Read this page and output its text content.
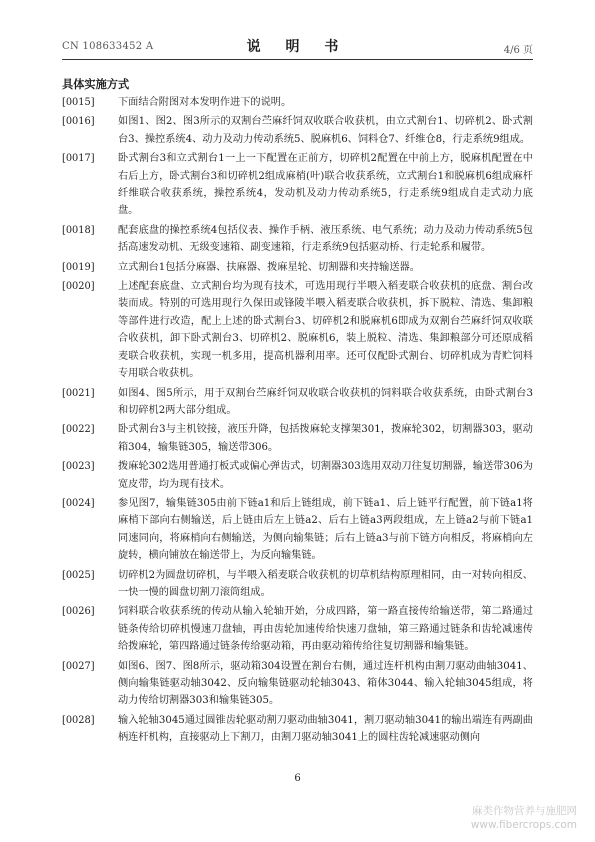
CN 108633452 A	说 明 书	4/6 页
具体实施方式
[0015] 下面结合附图对本发明作进下的说明。
[0016] 如图1、图2、图3所示的双割台苎麻纤饲双收联合收获机，由立式割台1、切碎机2、卧式割台3、操控系统4、动力及动力传动系统5、脱麻机6、饲料仓7、纤维仓8，行走系统9组成。
[0017] 卧式割台3和立式割台1一上一下配置在正前方，切碎机2配置在中前上方，脱麻机配置在中右后上方，卧式割台3和切碎机2组成麻梢(叶)联合收获系统，立式割台1和脱麻机6组成麻杆纤维联合收获系统，操控系统4，发动机及动力传动系统5，行走系统9组成自走式动力底盘。
[0018] 配套底盘的操控系统4包括仪表、操作手柄、液压系统、电气系统；动力及动力传动系统5包括高速发动机、无级变速箱、副变速箱，行走系统9包括驱动桥、行走轮系和履带。
[0019] 立式割台1包括分麻器、扶麻器、拨麻星轮、切割器和夹持输送器。
[0020] 上述配套底盘、立式割台均为现有技术，可选用现行半喂入稻麦联合收获机的底盘、割台改装而成。特别的可选用现行久保田或锋陵半喂入稻麦联合收获机，拆下脱粒、清选、集卸粮等部件进行改造，配上上述的卧式割台3、切碎机2和脱麻机6即成为双割台苎麻纤饲双收联合收获机，卸下卧式割台3、切碎机2、脱麻机6，装上脱粒、清选、集卸粮部分可还原成稻麦联合收获机，实现一机多用，提高机器利用率。还可仅配卧式割台、切碎机成为青贮饲料专用联合收获机。
[0021] 如图4、图5所示，用于双割台苎麻纤饲双收联合收获机的饲料联合收获系统，由卧式割台3和切碎机2两大部分组成。
[0022] 卧式割台3与主机铰接，液压升降，包括拨麻轮支撑架301，拨麻轮302，切割器303，驱动箱304，输集链305，输送带306。
[0023] 拨麻轮302选用普通打板式或偏心弹齿式，切割器303选用双动刀往复切割器，输送带306为宽皮带，均为现有技术。
[0024] 参见图7，输集链305由前下链a1和后上链组成，前下链a1、后上链平行配置，前下链a1将麻梢下部向右侧输送，后上链由后左上链a2、后右上链a3两段组成，左上链a2与前下链a1同速同向，将麻梢向右侧输送，为侧向输集链；后右上链a3与前下链方向相反，将麻梢向左旋转，横向铺放在输送带上，为反向输集链。
[0025] 切碎机2为圆盘切碎机，与半喂入稻麦联合收获机的切草机结构原理相同，由一对转向相反、一快一慢的圆盘切割刀滚筒组成。
[0026] 饲料联合收获系统的传动从输入轮轴开始，分成四路，第一路直接传给输送带，第二路通过链条传给切碎机慢速刀盘轴，再由齿轮加速传给快速刀盘轴，第三路通过链条和齿轮减速传给拨麻轮，第四路通过链条传给驱动箱，再由驱动箱传给往复切割器和输集链。
[0027] 如图6、图7、图8所示，驱动箱304设置在割台右侧，通过连杆机构由割刀驱动曲轴3041、侧向输集链驱动轴3042、反向输集链驱动轮轴3043、箱体3044、输入轮轴3045组成，将动力传给切割器303和输集链305。
[0028] 输入轮轴3045通过圆锥齿轮驱动割刀驱动曲轴3041，割刀驱动轴3041的输出端连有两副曲柄连杆机构，直接驱动上下割刀，由割刀驱动轴3041上的圆柱齿轮减速驱动侧向
6
麻类作物营养与施肥网
www.fibercrops.com
